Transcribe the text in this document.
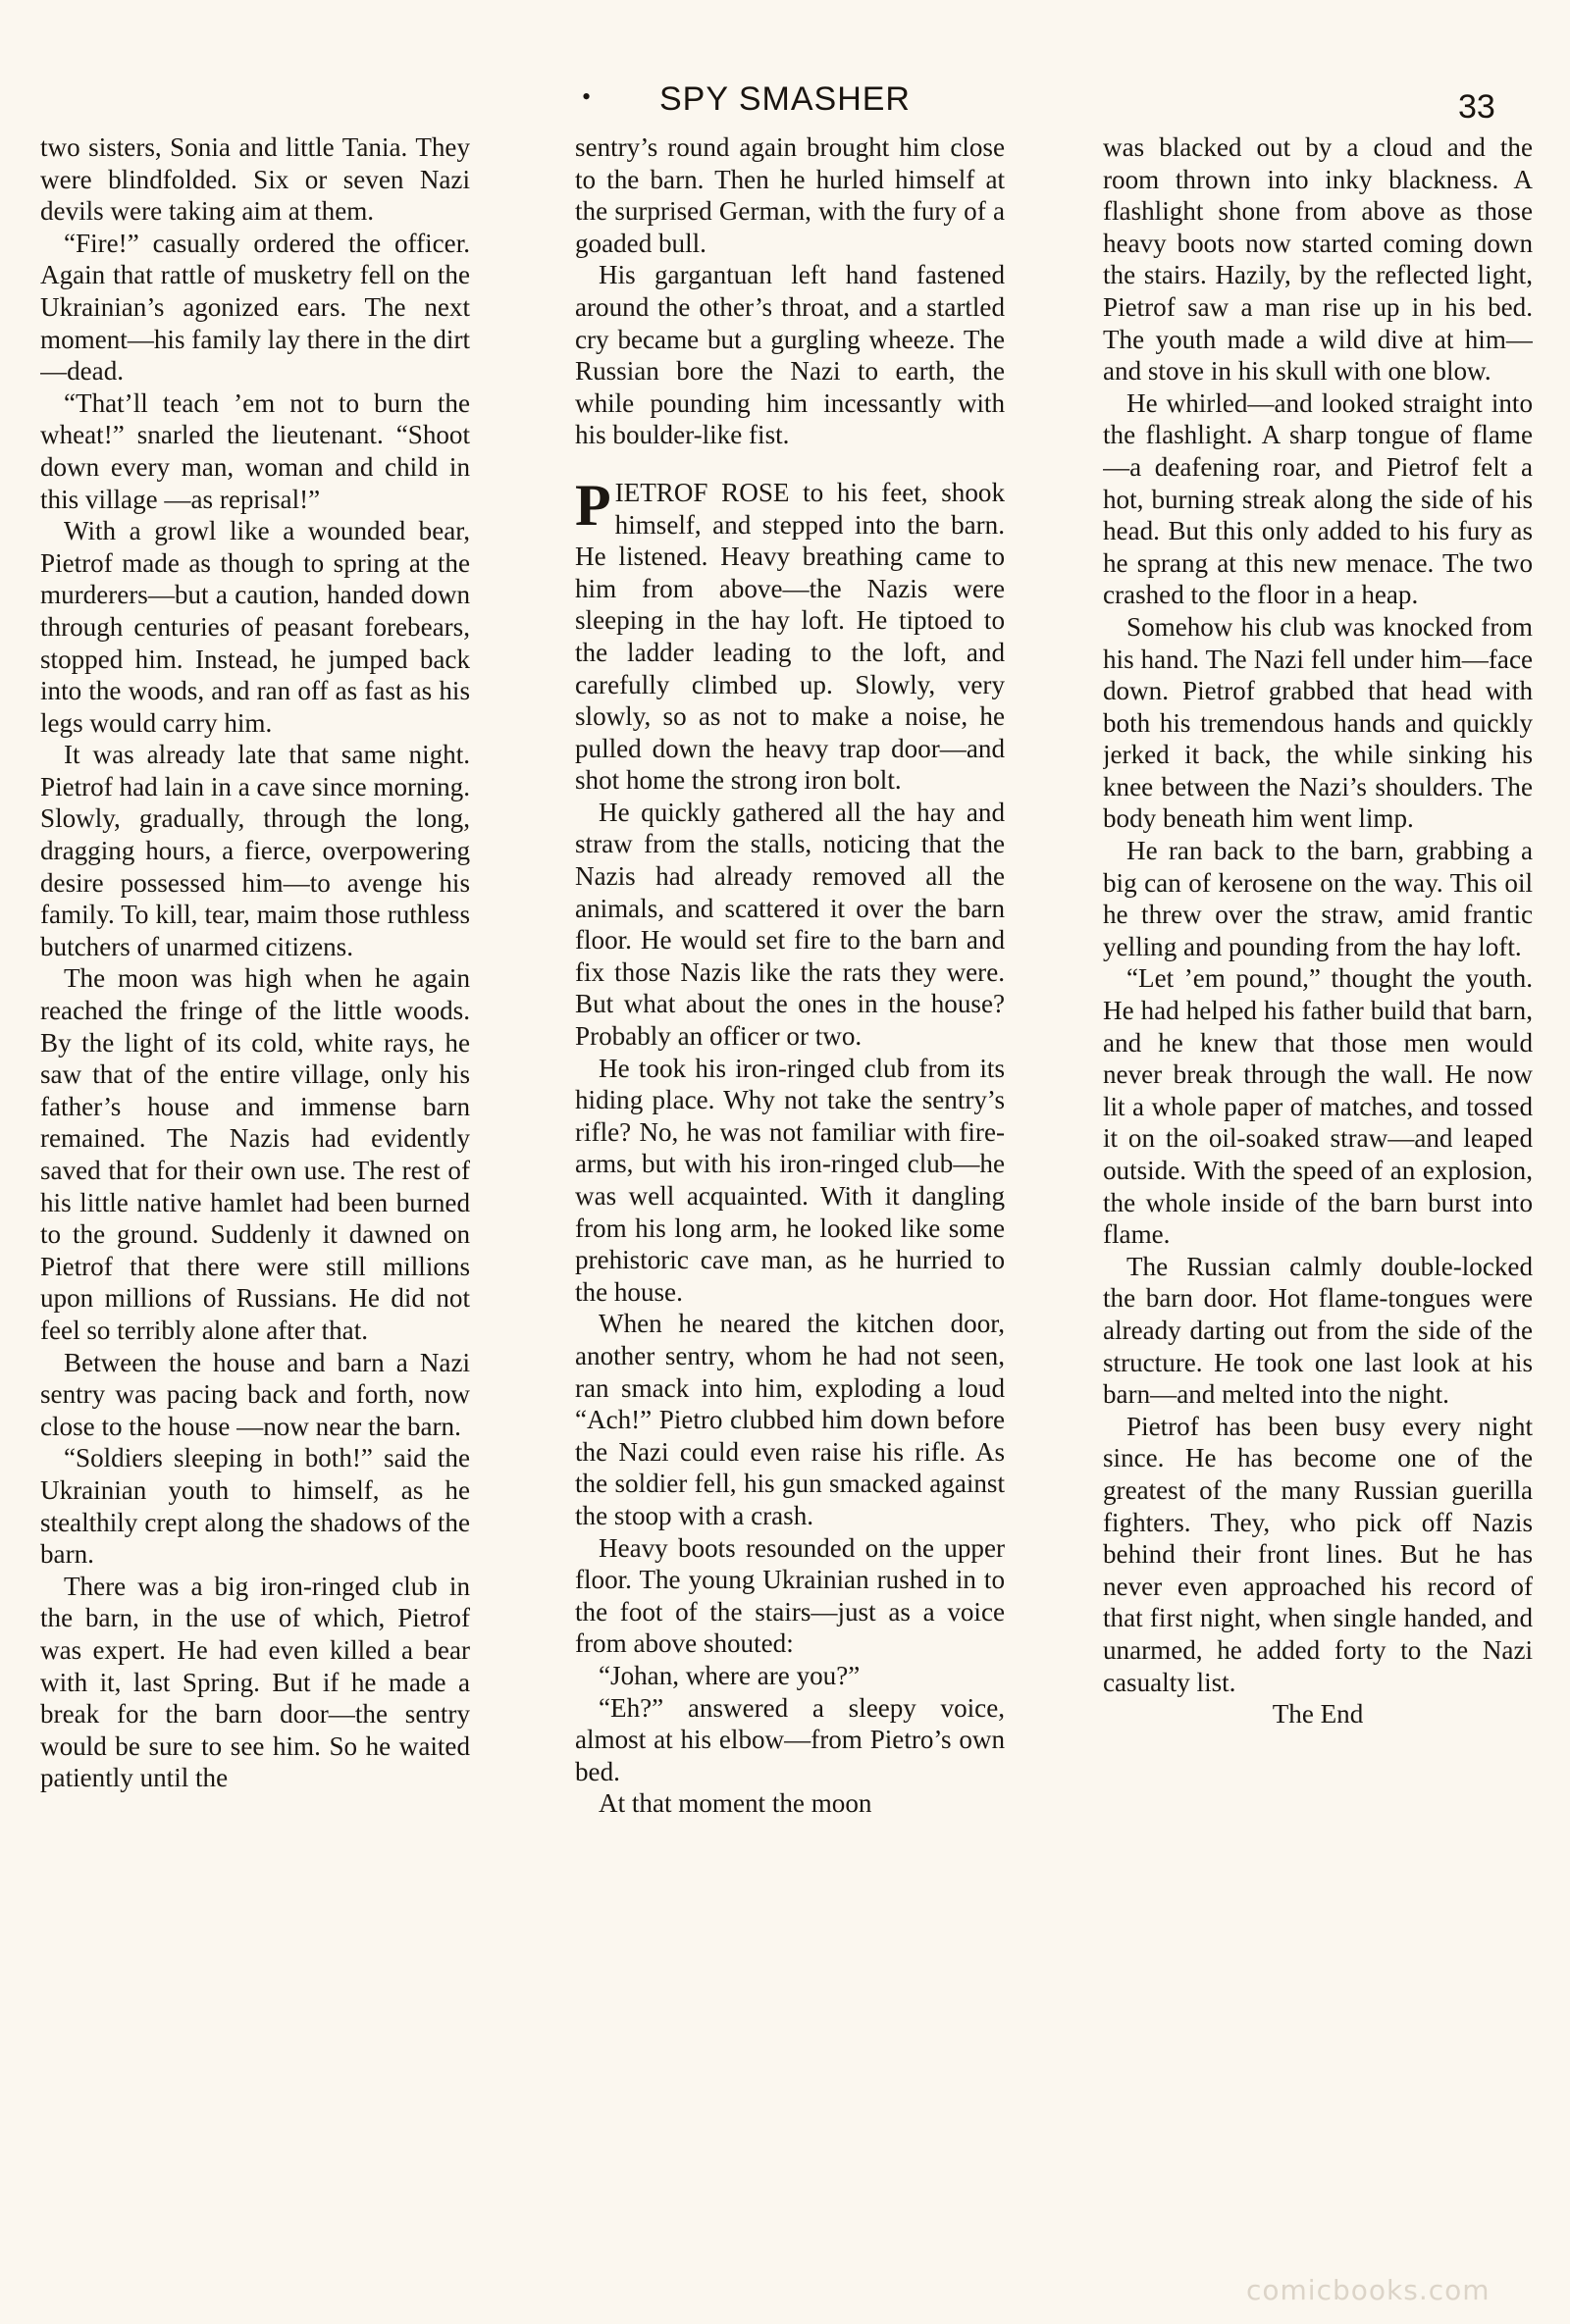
•	SPY SMASHER	33

two sisters, Sonia and little Tania. They were blindfolded. Six or seven Nazi devils were taking aim at them.

“Fire!” casually ordered the officer. Again that rattle of musketry fell on the Ukrainian’s agonized ears. The next moment—his family lay there in the dirt—dead.

“That’ll teach ’em not to burn the wheat!” snarled the lieutenant. “Shoot down every man, woman and child in this village —as reprisal!”

With a growl like a wounded bear, Pietrof made as though to spring at the murderers—but a caution, handed down through centuries of peasant forebears, stopped him. Instead, he jumped back into the woods, and ran off as fast as his legs would carry him.

It was already late that same night. Pietrof had lain in a cave since morning. Slowly, gradually, through the long, dragging hours, a fierce, overpowering desire possessed him—to avenge his family. To kill, tear, maim those ruthless butchers of unarmed citizens.

The moon was high when he again reached the fringe of the little woods. By the light of its cold, white rays, he saw that of the entire village, only his father’s house and immense barn remained. The Nazis had evidently saved that for their own use. The rest of his little native hamlet had been burned to the ground. Suddenly it dawned on Pietrof that there were still millions upon millions of Russians. He did not feel so terribly alone after that.

Between the house and barn a Nazi sentry was pacing back and forth, now close to the house —now near the barn.

“Soldiers sleeping in both!” said the Ukrainian youth to himself, as he stealthily crept along the shadows of the barn.

There was a big iron-ringed club in the barn, in the use of which, Pietrof was expert. He had even killed a bear with it, last Spring. But if he made a break for the barn door—the sentry would be sure to see him. So he waited patiently until the

sentry’s round again brought him close to the barn. Then he hurled himself at the surprised German, with the fury of a goaded bull.

His gargantuan left hand fastened around the other’s throat, and a startled cry became but a gurgling wheeze. The Russian bore the Nazi to earth, the while pounding him incessantly with his boulder-like fist.

PIETROF ROSE to his feet, shook himself, and stepped into the barn. He listened. Heavy breathing came to him from above—the Nazis were sleeping in the hay loft. He tiptoed to the ladder leading to the loft, and carefully climbed up. Slowly, very slowly, so as not to make a noise, he pulled down the heavy trap door—and shot home the strong iron bolt.

He quickly gathered all the hay and straw from the stalls, noticing that the Nazis had already removed all the animals, and scattered it over the barn floor. He would set fire to the barn and fix those Nazis like the rats they were. But what about the ones in the house? Probably an officer or two.

He took his iron-ringed club from its hiding place. Why not take the sentry’s rifle? No, he was not familiar with fire-arms, but with his iron-ringed club—he was well acquainted. With it dangling from his long arm, he looked like some prehistoric cave man, as he hurried to the house.

When he neared the kitchen door, another sentry, whom he had not seen, ran smack into him, exploding a loud “Ach!” Pietro clubbed him down before the Nazi could even raise his rifle. As the soldier fell, his gun smacked against the stoop with a crash.

Heavy boots resounded on the upper floor. The young Ukrainian rushed in to the foot of the stairs—just as a voice from above shouted:

“Johan, where are you?”

“Eh?” answered a sleepy voice, almost at his elbow—from Pietro’s own bed.

At that moment the moon

was blacked out by a cloud and the room thrown into inky blackness. A flashlight shone from above as those heavy boots now started coming down the stairs. Hazily, by the reflected light, Pietrof saw a man rise up in his bed. The youth made a wild dive at him—and stove in his skull with one blow.

He whirled—and looked straight into the flashlight. A sharp tongue of flame—a deafening roar, and Pietrof felt a hot, burning streak along the side of his head. But this only added to his fury as he sprang at this new menace. The two crashed to the floor in a heap.

Somehow his club was knocked from his hand. The Nazi fell under him—face down. Pietrof grabbed that head with both his tremendous hands and quickly jerked it back, the while sinking his knee between the Nazi’s shoulders. The body beneath him went limp.

He ran back to the barn, grabbing a big can of kerosene on the way. This oil he threw over the straw, amid frantic yelling and pounding from the hay loft.

“Let ’em pound,” thought the youth. He had helped his father build that barn, and he knew that those men would never break through the wall. He now lit a whole paper of matches, and tossed it on the oil-soaked straw—and leaped outside. With the speed of an explosion, the whole inside of the barn burst into flame.

The Russian calmly double-locked the barn door. Hot flame-tongues were already darting out from the side of the structure. He took one last look at his barn—and melted into the night.

Pietrof has been busy every night since. He has become one of the greatest of the many Russian guerilla fighters. They, who pick off Nazis behind their front lines. But he has never even approached his record of that first night, when single handed, and unarmed, he added forty to the Nazi casualty list.

The End

comicbooks.com
